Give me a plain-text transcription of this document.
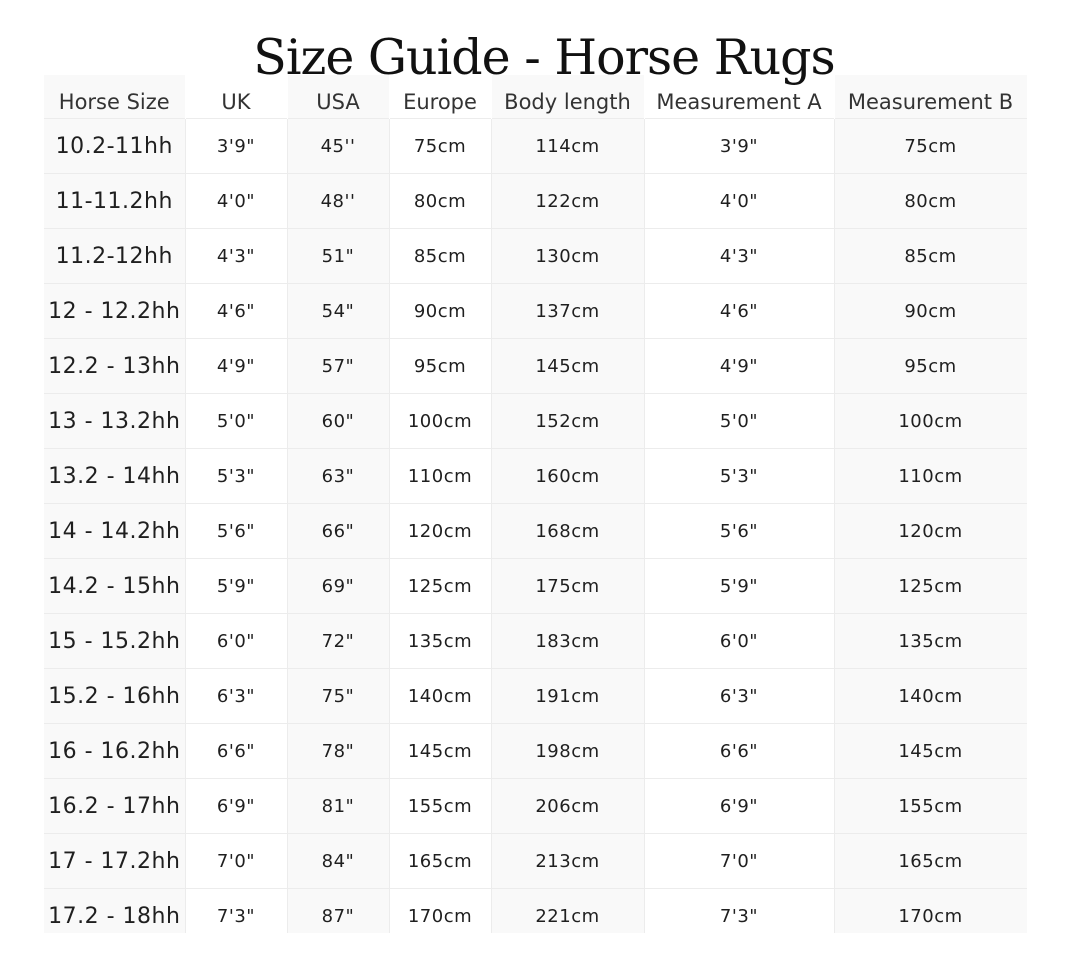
Size Guide - Horse Rugs
Horse Size	UK	USA	Europe	Body length	Measurement A	Measurement B
10.2-11hh	3'9"	45''	75cm	114cm	3'9"	75cm
11-11.2hh	4'0"	48''	80cm	122cm	4'0"	80cm
11.2-12hh	4'3"	51"	85cm	130cm	4'3"	85cm
12 - 12.2hh	4'6"	54"	90cm	137cm	4'6"	90cm
12.2 - 13hh	4'9"	57"	95cm	145cm	4'9"	95cm
13 - 13.2hh	5'0"	60"	100cm	152cm	5'0"	100cm
13.2 - 14hh	5'3"	63"	110cm	160cm	5'3"	110cm
14 - 14.2hh	5'6"	66"	120cm	168cm	5'6"	120cm
14.2 - 15hh	5'9"	69"	125cm	175cm	5'9"	125cm
15 - 15.2hh	6'0"	72"	135cm	183cm	6'0"	135cm
15.2 - 16hh	6'3"	75"	140cm	191cm	6'3"	140cm
16 - 16.2hh	6'6"	78"	145cm	198cm	6'6"	145cm
16.2 - 17hh	6'9"	81"	155cm	206cm	6'9"	155cm
17 - 17.2hh	7'0"	84"	165cm	213cm	7'0"	165cm
17.2 - 18hh	7'3"	87"	170cm	221cm	7'3"	170cm
